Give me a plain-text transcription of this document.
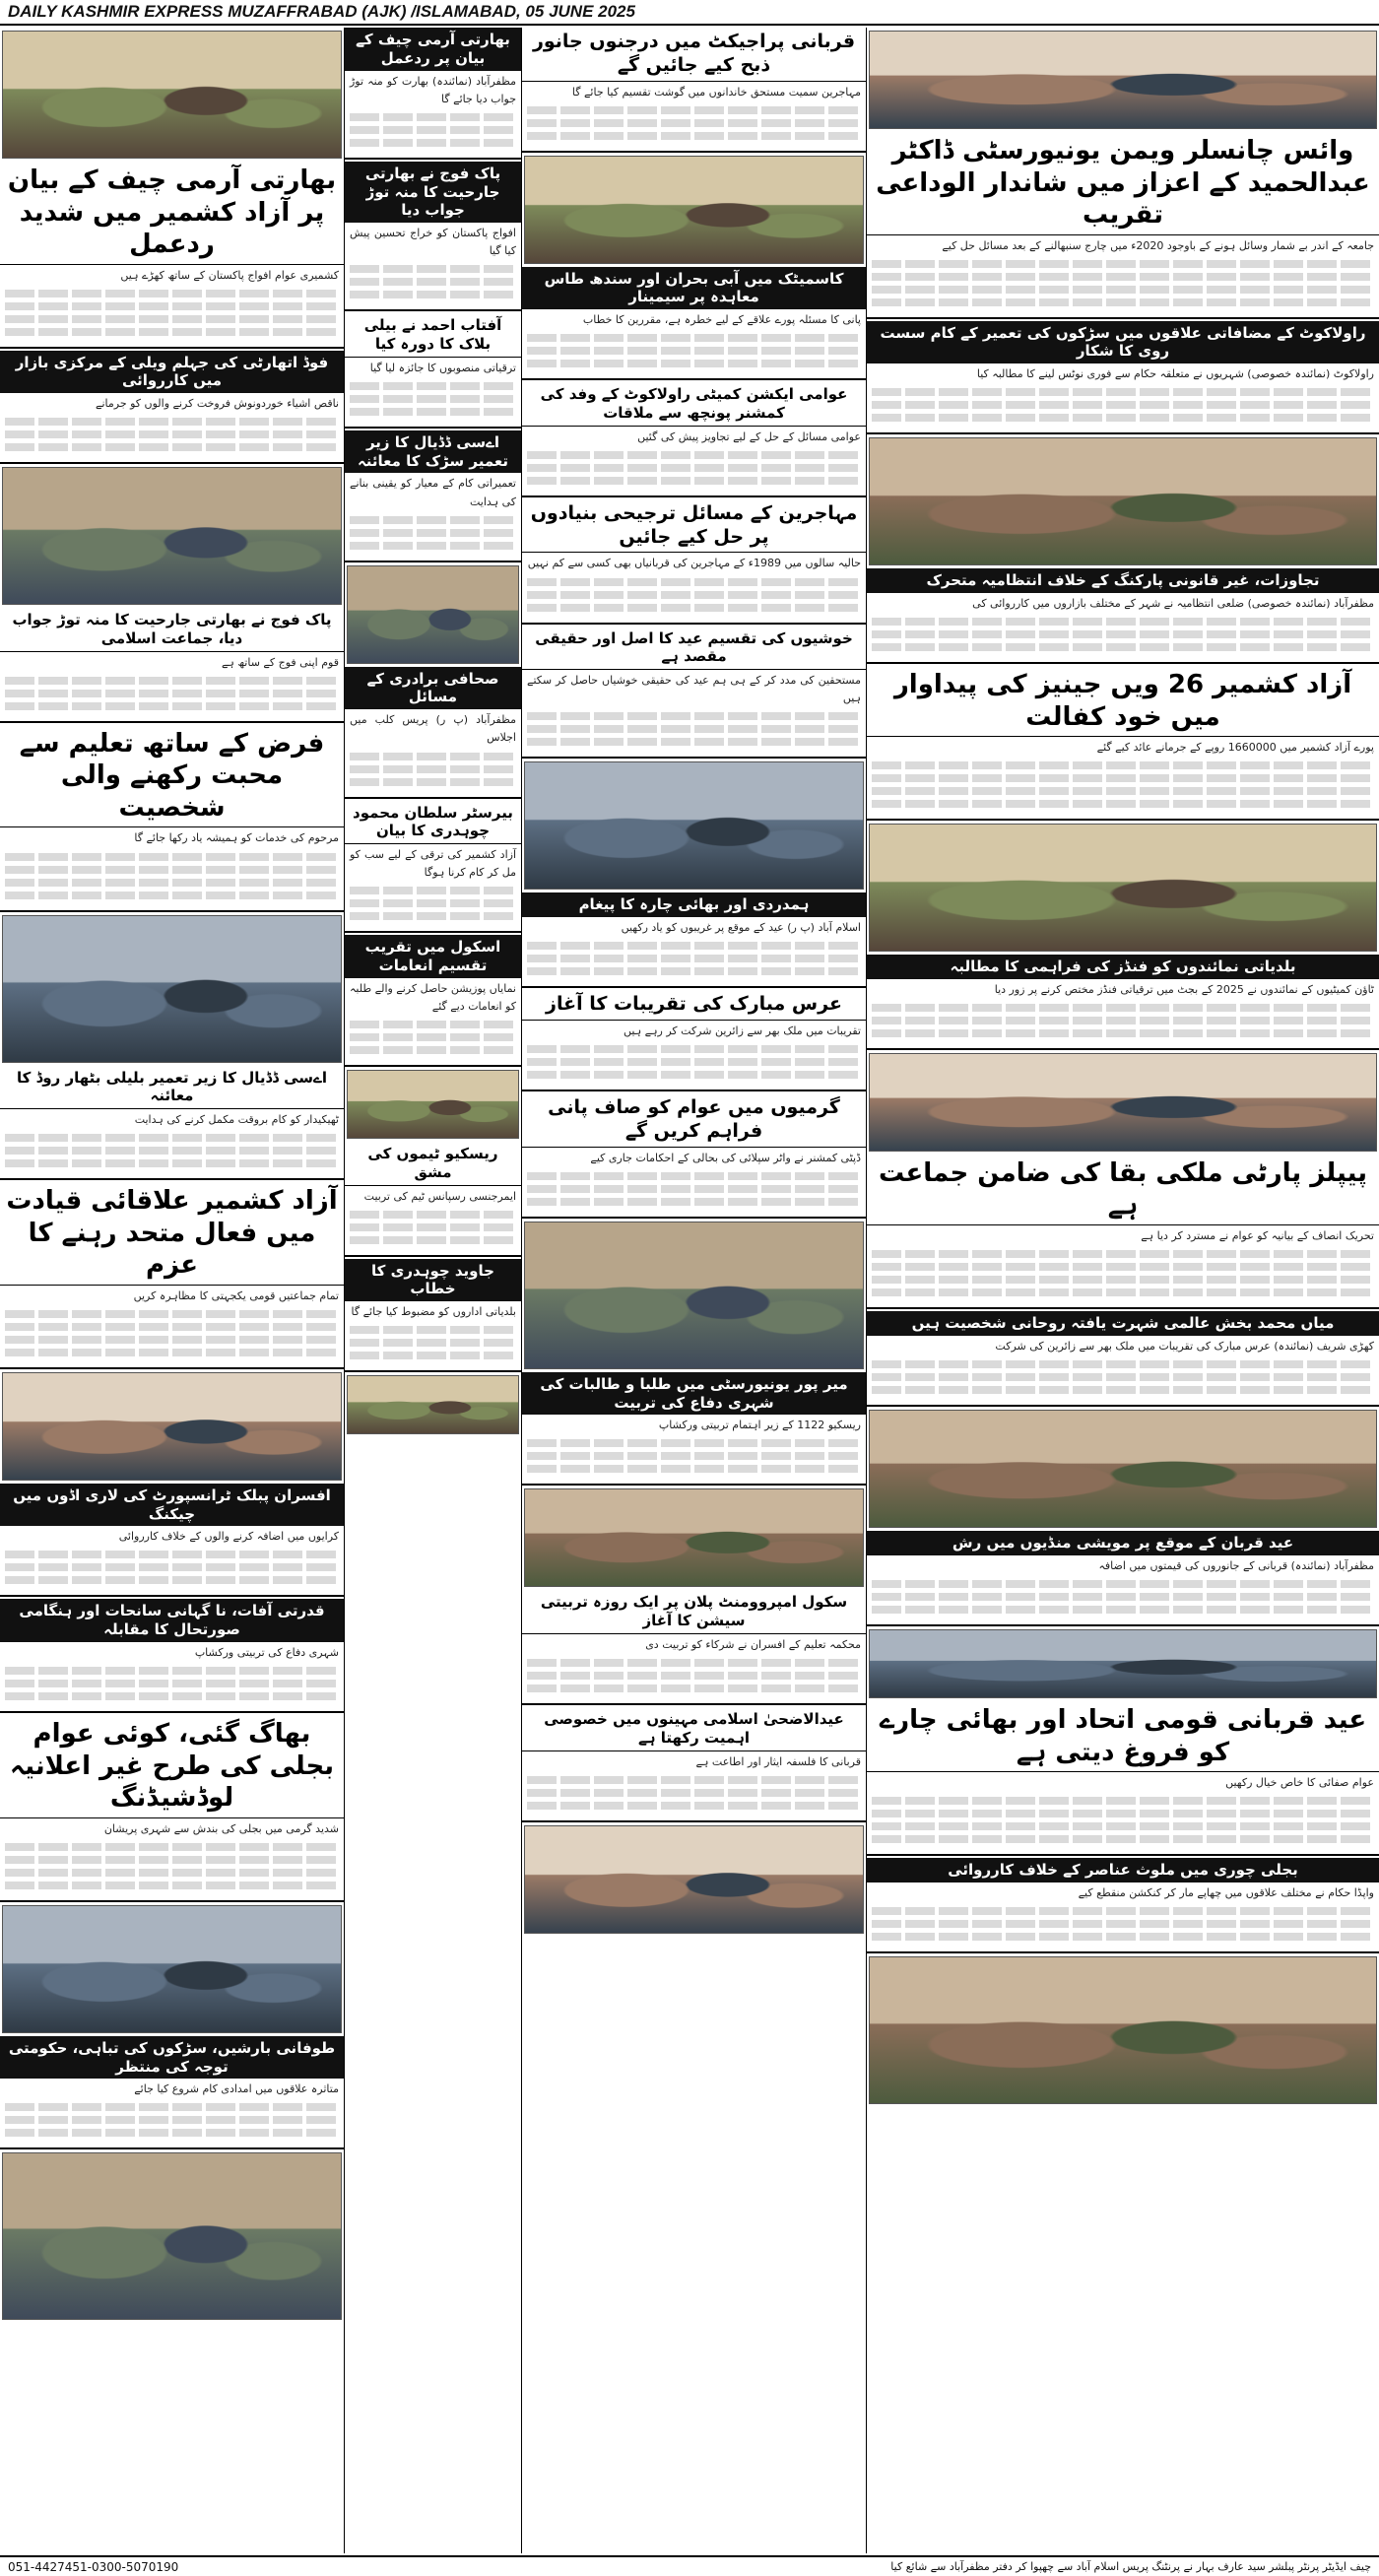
DAILY KASHMIR EXPRESS MUZAFFRABAD (AJK) /ISLAMABAD, 05 JUNE 2025
بھارتی آرمی چیف کے بیان پر آزاد کشمیر میں شدید ردعمل
کشمیری عوام افواج پاکستان کے ساتھ کھڑے ہیں
فوڈ اتھارٹی کی جہلم ویلی کے مرکزی بازار میں کارروائی
ناقص اشیاء خوردونوش فروخت کرنے والوں کو جرمانے
پاک فوج نے بھارتی جارحیت کا منہ توڑ جواب دیا، جماعت اسلامی
قوم اپنی فوج کے ساتھ ہے
فرض کے ساتھ تعلیم سے محبت رکھنے والی شخصیت
مرحوم کی خدمات کو ہمیشہ یاد رکھا جائے گا
اےسی ڈڈیال کا زیر تعمیر بلیلی بٹھار روڈ کا معائنہ
ٹھیکیدار کو کام بروقت مکمل کرنے کی ہدایت
آزاد کشمیر علاقائی قیادت میں فعال متحد رہنے کا عزم
تمام جماعتیں قومی یکجہتی کا مظاہرہ کریں
افسران پبلک ٹرانسپورٹ کی لاری اڈوں میں چیکنگ
کرایوں میں اضافہ کرنے والوں کے خلاف کارروائی
قدرتی آفات، نا گہانی سانحات اور ہنگامی صورتحال کا مقابلہ
شہری دفاع کی تربیتی ورکشاپ
بھاگ گئی، کوئی عوام بجلی کی طرح غیر اعلانیہ لوڈشیڈنگ
شدید گرمی میں بجلی کی بندش سے شہری پریشان
طوفانی بارشیں، سڑکوں کی تباہی، حکومتی توجہ کی منتظر
متاثرہ علاقوں میں امدادی کام شروع کیا جائے
بھارتی آرمی چیف کے بیان پر ردعمل
مظفرآباد (نمائندہ) بھارت کو منہ توڑ جواب دیا جائے گا
پاک فوج نے بھارتی جارحیت کا منہ توڑ جواب دیا
افواج پاکستان کو خراج تحسین پیش کیا گیا
آفتاب احمد نے بیلی بلاک کا دورہ کیا
ترقیاتی منصوبوں کا جائزہ لیا گیا
اےسی ڈڈیال کا زیر تعمیر سڑک کا معائنہ
تعمیراتی کام کے معیار کو یقینی بنانے کی ہدایت
صحافی برادری کے مسائل
مظفرآباد (پ ر) پریس کلب میں اجلاس
بیرسٹر سلطان محمود چوہدری کا بیان
آزاد کشمیر کی ترقی کے لیے سب کو مل کر کام کرنا ہوگا
اسکول میں تقریب تقسیم انعامات
نمایاں پوزیشن حاصل کرنے والے طلبہ کو انعامات دیے گئے
ریسکیو ٹیموں کی مشق
ایمرجنسی رسپانس ٹیم کی تربیت
جاوید چوہدری کا خطاب
بلدیاتی اداروں کو مضبوط کیا جائے گا
قربانی پراجیکٹ میں درجنوں جانور ذبح کیے جائیں گے
مہاجرین سمیت مستحق خاندانوں میں گوشت تقسیم کیا جائے گا
کاسمیٹک میں آبی بحران اور سندھ طاس معاہدہ پر سیمینار
پانی کا مسئلہ پورے علاقے کے لیے خطرہ ہے، مقررین کا خطاب
عوامی ایکشن کمیٹی راولاکوٹ کے وفد کی کمشنر پونچھ سے ملاقات
عوامی مسائل کے حل کے لیے تجاویز پیش کی گئیں
مہاجرین کے مسائل ترجیحی بنیادوں پر حل کیے جائیں
حالیہ سالوں میں 1989ء کے مہاجرین کی قربانیاں بھی کسی سے کم نہیں
خوشیوں کی تقسیم عید کا اصل اور حقیقی مقصد ہے
مستحقین کی مدد کر کے ہی ہم عید کی حقیقی خوشیاں حاصل کر سکتے ہیں
ہمدردی اور بھائی چارہ کا پیغام
اسلام آباد (پ ر) عید کے موقع پر غریبوں کو یاد رکھیں
عرس مبارک کی تقریبات کا آغاز
تقریبات میں ملک بھر سے زائرین شرکت کر رہے ہیں
گرمیوں میں عوام کو صاف پانی فراہم کریں گے
ڈپٹی کمشنر نے واٹر سپلائی کی بحالی کے احکامات جاری کیے
میر پور یونیورسٹی میں طلبا و طالبات کی شہری دفاع کی تربیت
ریسکیو 1122 کے زیر اہتمام تربیتی ورکشاپ
سکول امپروومنٹ پلان پر ایک روزہ تربیتی سیشن کا آغاز
محکمہ تعلیم کے افسران نے شرکاء کو تربیت دی
عیدالاضحیٰ اسلامی مہینوں میں خصوصی اہمیت رکھتا ہے
قربانی کا فلسفہ ایثار اور اطاعت ہے
وائس چانسلر ویمن یونیورسٹی ڈاکٹر عبدالحمید کے اعزاز میں شاندار الوداعی تقریب
جامعہ کے اندر بے شمار وسائل ہونے کے باوجود 2020ء میں چارج سنبھالنے کے بعد مسائل حل کیے
راولاکوٹ کے مضافاتی علاقوں میں سڑکوں کی تعمیر کے کام سست روی کا شکار
راولاکوٹ (نمائندہ خصوصی) شہریوں نے متعلقہ حکام سے فوری نوٹس لینے کا مطالبہ کیا
تجاوزات، غیر قانونی پارکنگ کے خلاف انتظامیہ متحرک
مظفرآباد (نمائندہ خصوصی) ضلعی انتظامیہ نے شہر کے مختلف بازاروں میں کارروائی کی
آزاد کشمیر 26 ویں جینیز کی پیداوار میں خود کفالت
پورے آزاد کشمیر میں 1660000 روپے کے جرمانے عائد کیے گئے
بلدیاتی نمائندوں کو فنڈز کی فراہمی کا مطالبہ
ٹاؤن کمیٹیوں کے نمائندوں نے 2025 کے بجٹ میں ترقیاتی فنڈز مختص کرنے پر زور دیا
پیپلز پارٹی ملکی بقا کی ضامن جماعت ہے
تحریک انصاف کے بیانیہ کو عوام نے مسترد کر دیا ہے
میاں محمد بخش عالمی شہرت یافتہ روحانی شخصیت ہیں
کھڑی شریف (نمائندہ) عرس مبارک کی تقریبات میں ملک بھر سے زائرین کی شرکت
عید قربان کے موقع پر مویشی منڈیوں میں رش
مظفرآباد (نمائندہ) قربانی کے جانوروں کی قیمتوں میں اضافہ
عید قربانی قومی اتحاد اور بھائی چارے کو فروغ دیتی ہے
عوام صفائی کا خاص خیال رکھیں
بجلی چوری میں ملوث عناصر کے خلاف کارروائی
واپڈا حکام نے مختلف علاقوں میں چھاپے مار کر کنکشن منقطع کیے
051-4427451-0300-5070190	چیف ایڈیٹر پرنٹر پبلشر سید عارف بہار نے پرنٹنگ پریس اسلام آباد سے چھپوا کر دفتر مظفرآباد سے شائع کیا
